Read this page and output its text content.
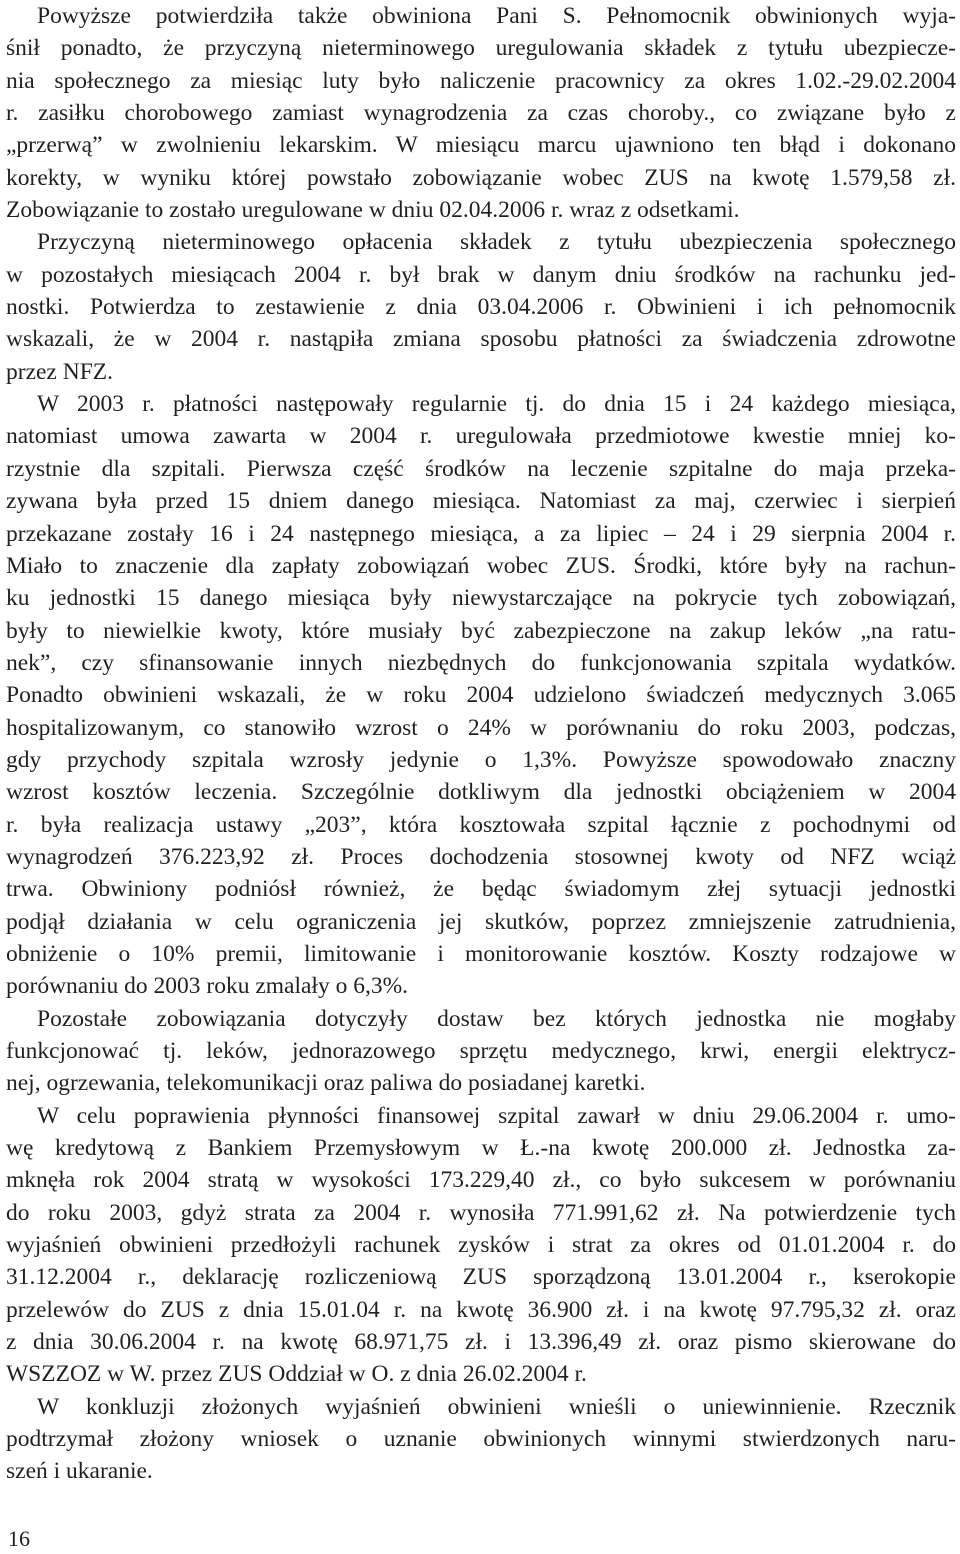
Powyższe potwierdziła także obwiniona Pani S. Pełnomocnik obwinionych wyja-
śnił ponadto, że przyczyną nieterminowego uregulowania składek z tytułu ubezpiecze-
nia społecznego za miesiąc luty było naliczenie pracownicy za okres 1.02.-29.02.2004
r. zasiłku chorobowego zamiast wynagrodzenia za czas choroby., co związane było z
„przerwą” w zwolnieniu lekarskim. W miesiącu marcu ujawniono ten błąd i dokonano
korekty, w wyniku której powstało zobowiązanie wobec ZUS na kwotę 1.579,58 zł.
Zobowiązanie to zostało uregulowane w dniu 02.04.2006 r. wraz z odsetkami.
Przyczyną nieterminowego opłacenia składek z tytułu ubezpieczenia społecznego
w pozostałych miesiącach 2004 r. był brak w danym dniu środków na rachunku jed-
nostki. Potwierdza to zestawienie z dnia 03.04.2006 r. Obwinieni i ich pełnomocnik
wskazali, że w 2004 r. nastąpiła zmiana sposobu płatności za świadczenia zdrowotne
przez NFZ.
W 2003 r. płatności następowały regularnie tj. do dnia 15 i 24 każdego miesiąca,
natomiast umowa zawarta w 2004 r. uregulowała przedmiotowe kwestie mniej ko-
rzystnie dla szpitali. Pierwsza część środków na leczenie szpitalne do maja przeka-
zywana była przed 15 dniem danego miesiąca. Natomiast za maj, czerwiec i sierpień
przekazane zostały 16 i 24 następnego miesiąca, a za lipiec – 24 i 29 sierpnia 2004 r.
Miało to znaczenie dla zapłaty zobowiązań wobec ZUS. Środki, które były na rachun-
ku jednostki 15 danego miesiąca były niewystarczające na pokrycie tych zobowiązań,
były to niewielkie kwoty, które musiały być zabezpieczone na zakup leków „na ratu-
nek”, czy sfinansowanie innych niezbędnych do funkcjonowania szpitala wydatków.
Ponadto obwinieni wskazali, że w roku 2004 udzielono świadczeń medycznych 3.065
hospitalizowanym, co stanowiło wzrost o 24% w porównaniu do roku 2003, podczas,
gdy przychody szpitala wzrosły jedynie o 1,3%. Powyższe spowodowało znaczny
wzrost kosztów leczenia. Szczególnie dotkliwym dla jednostki obciążeniem w 2004
r. była realizacja ustawy „203”, która kosztowała szpital łącznie z pochodnymi od
wynagrodzeń 376.223,92 zł. Proces dochodzenia stosownej kwoty od NFZ wciąż
trwa. Obwiniony podniósł również, że będąc świadomym złej sytuacji jednostki
podjął działania w celu ograniczenia jej skutków, poprzez zmniejszenie zatrudnienia,
obniżenie o 10% premii, limitowanie i monitorowanie kosztów. Koszty rodzajowe w
porównaniu do 2003 roku zmalały o 6,3%.
Pozostałe zobowiązania dotyczyły dostaw bez których jednostka nie mogłaby
funkcjonować tj. leków, jednorazowego sprzętu medycznego, krwi, energii elektrycz-
nej, ogrzewania, telekomunikacji oraz paliwa do posiadanej karetki.
W celu poprawienia płynności finansowej szpital zawarł w dniu 29.06.2004 r. umo-
wę kredytową z Bankiem Przemysłowym w Ł.-na kwotę 200.000 zł. Jednostka za-
mknęła rok 2004 stratą w wysokości 173.229,40 zł., co było sukcesem w porównaniu
do roku 2003, gdyż strata za 2004 r. wynosiła 771.991,62 zł. Na potwierdzenie tych
wyjaśnień obwinieni przedłożyli rachunek zysków i strat za okres od 01.01.2004 r. do
31.12.2004 r., deklarację rozliczeniową ZUS sporządzoną 13.01.2004 r., kserokopie
przelewów do ZUS z dnia 15.01.04 r. na kwotę 36.900 zł. i na kwotę 97.795,32 zł. oraz
z dnia 30.06.2004 r. na kwotę 68.971,75 zł. i 13.396,49 zł. oraz pismo skierowane do
WSZZOZ w W. przez ZUS Oddział w O. z dnia 26.02.2004 r.
W konkluzji złożonych wyjaśnień obwinieni wnieśli o uniewinnienie. Rzecznik
podtrzymał złożony wniosek o uznanie obwinionych winnymi stwierdzonych naru-
szeń i ukaranie.
16
